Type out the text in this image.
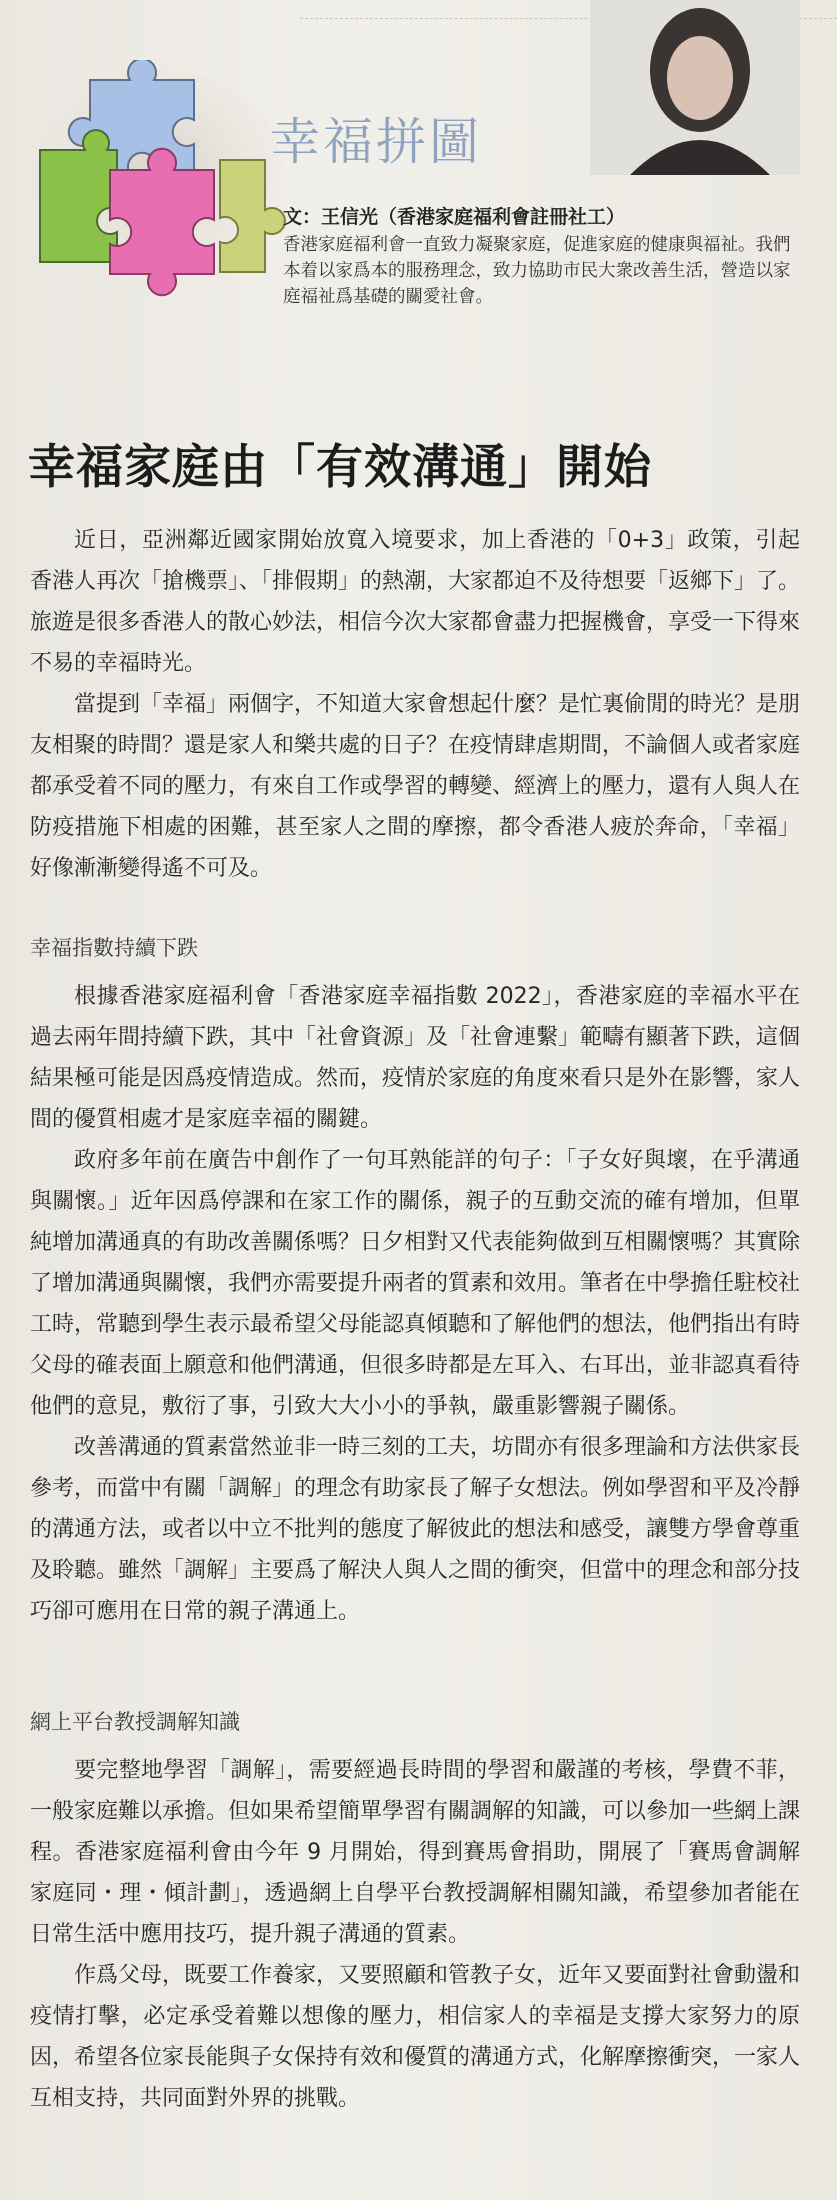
幸福拼圖
文：王信光（香港家庭福利會註冊社工）
香港家庭福利會一直致力凝聚家庭，促進家庭的健康與福祉。我們本着以家爲本的服務理念，致力協助市民大衆改善生活，營造以家庭福祉爲基礎的關愛社會。
幸福家庭由「有效溝通」開始

近日，亞洲鄰近國家開始放寬入境要求，加上香港的「0+3」政策，引起香港人再次「搶機票」、「排假期」的熱潮，大家都迫不及待想要「返鄉下」了。旅遊是很多香港人的散心妙法，相信今次大家都會盡力把握機會，享受一下得來不易的幸福時光。

當提到「幸福」兩個字，不知道大家會想起什麼？是忙裏偷閒的時光？是朋友相聚的時間？還是家人和樂共處的日子？在疫情肆虐期間，不論個人或者家庭都承受着不同的壓力，有來自工作或學習的轉變、經濟上的壓力，還有人與人在防疫措施下相處的困難，甚至家人之間的摩擦，都令香港人疲於奔命，「幸福」好像漸漸變得遙不可及。

幸福指數持續下跌

根據香港家庭福利會「香港家庭幸福指數 2022」，香港家庭的幸福水平在過去兩年間持續下跌，其中「社會資源」及「社會連繫」範疇有顯著下跌，這個結果極可能是因爲疫情造成。然而，疫情於家庭的角度來看只是外在影響，家人間的優質相處才是家庭幸福的關鍵。

政府多年前在廣告中創作了一句耳熟能詳的句子：「子女好與壞，在乎溝通與關懷。」近年因爲停課和在家工作的關係，親子的互動交流的確有增加，但單純增加溝通真的有助改善關係嗎？日夕相對又代表能夠做到互相關懷嗎？其實除了增加溝通與關懷，我們亦需要提升兩者的質素和效用。筆者在中學擔任駐校社工時，常聽到學生表示最希望父母能認真傾聽和了解他們的想法，他們指出有時父母的確表面上願意和他們溝通，但很多時都是左耳入、右耳出，並非認真看待他們的意見，敷衍了事，引致大大小小的爭執，嚴重影響親子關係。

改善溝通的質素當然並非一時三刻的工夫，坊間亦有很多理論和方法供家長參考，而當中有關「調解」的理念有助家長了解子女想法。例如學習和平及冷靜的溝通方法，或者以中立不批判的態度了解彼此的想法和感受，讓雙方學會尊重及聆聽。雖然「調解」主要爲了解決人與人之間的衝突，但當中的理念和部分技巧卻可應用在日常的親子溝通上。

網上平台教授調解知識

要完整地學習「調解」，需要經過長時間的學習和嚴謹的考核，學費不菲，一般家庭難以承擔。但如果希望簡單學習有關調解的知識，可以參加一些網上課程。香港家庭福利會由今年 9 月開始，得到賽馬會捐助，開展了「賽馬會調解家庭同・理・傾計劃」，透過網上自學平台教授調解相關知識，希望參加者能在日常生活中應用技巧，提升親子溝通的質素。

作爲父母，既要工作養家，又要照顧和管教子女，近年又要面對社會動盪和疫情打擊，必定承受着難以想像的壓力，相信家人的幸福是支撐大家努力的原因，希望各位家長能與子女保持有效和優質的溝通方式，化解摩擦衝突，一家人互相支持，共同面對外界的挑戰。
